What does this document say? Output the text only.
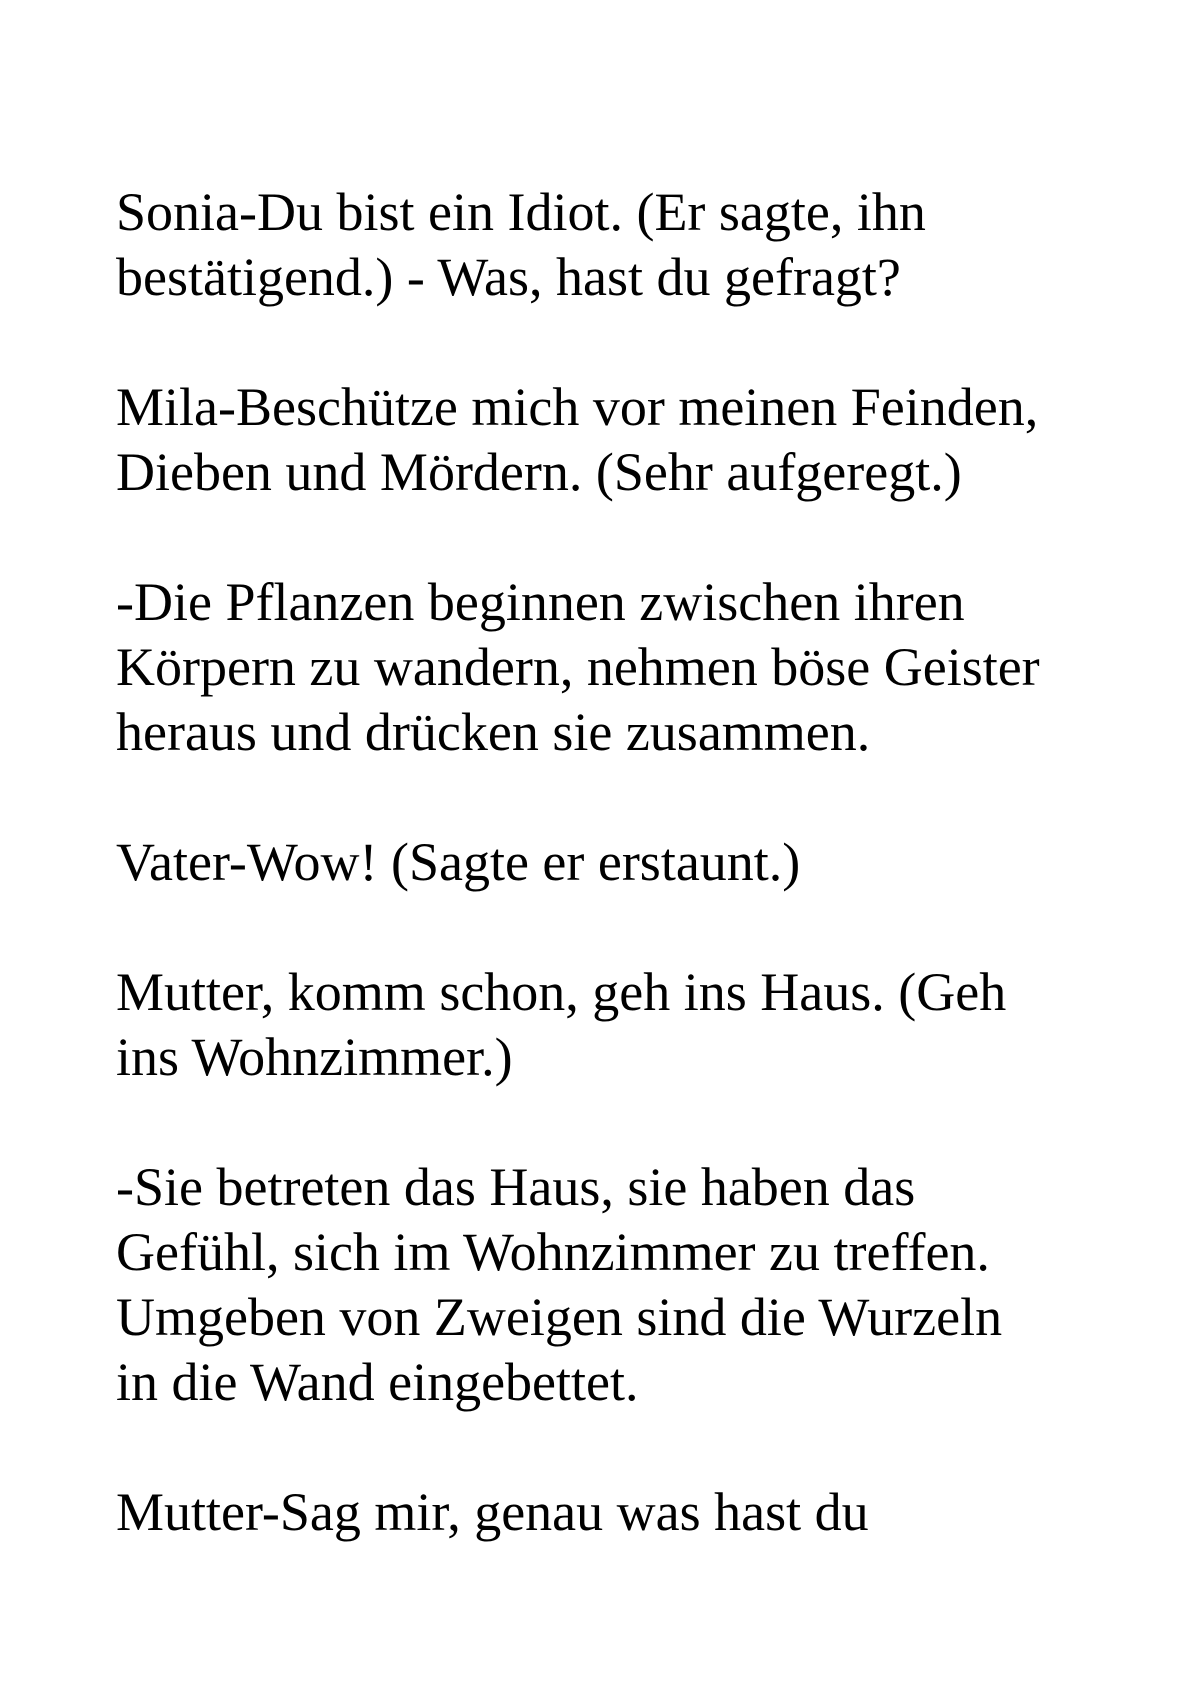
Sonia-Du bist ein Idiot. (Er sagte, ihn
bestätigend.) - Was, hast du gefragt?

Mila-Beschütze mich vor meinen Feinden,
Dieben und Mördern. (Sehr aufgeregt.)

-Die Pflanzen beginnen zwischen ihren
Körpern zu wandern, nehmen böse Geister
heraus und drücken sie zusammen.

Vater-Wow! (Sagte er erstaunt.)

Mutter, komm schon, geh ins Haus. (Geh
ins Wohnzimmer.)

-Sie betreten das Haus, sie haben das
Gefühl, sich im Wohnzimmer zu treffen.
Umgeben von Zweigen sind die Wurzeln
in die Wand eingebettet.

Mutter-Sag mir, genau was hast du
